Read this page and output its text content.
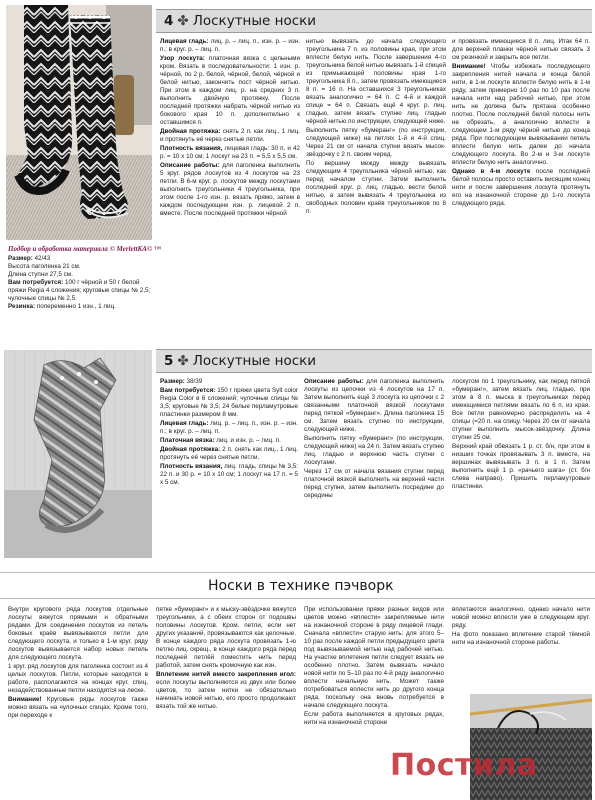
4 ✤ Лоскутные носки
Подбор и обработка материала © MerlettKA© ™
Размер: 42/43
Высота паголенка 21 см.
Длина ступни 27,5 см.
Вам потребуется: 100 г чёрной и 50 г белой пряжи Regia 4 сложения; круговые спицы № 2,5; чулочные спицы № 2,5.
Резинка: попеременно 1 изн., 1 лиц.
Лицевая гладь: лиц. р. – лиц. п., изн. р. – изн. п.; в круг. р. – лиц. п.
Узор лоскута: платочная вязка с цельными кром. Вязать в последовательности: 1 изн. р. чёрной, по 2 р. белой, чёрной, белой, чёрной и белой нитью, закончить пост чёрной нитью. При этом в каждом лиц. р. на средних 3 п. выполнить двойную протяжку. После последней протяжки набрать чёрной нитью из бокового края 10 п. дополнительно к оставшимся п.
Двойная протяжка: снять 2 п. как лиц., 1 лиц. и протянуть её через снятые петли.
Плотность вязания, лицевая гладь: 30 п. и 42 р. = 10 х 10 см; 1 лоскут на 23 п. = 5,5 х 5,5 см.
Описание работы: для паголенка выполнить 5 круг. рядов лоскутов из 4 лоскутов на 23 петли. В 6-м круг. р. лоскутов между лоскутами выполнить треугольники 4 треугольника, при этом после 1-го изн. р. вязать прямо, затем в каждом последующем изн. р. лицевой 2 п. вместе. После последней протяжки чёрной
нитью вывязать до начала следующего треугольника 7 п. из половины края, при этом вплести белую нить. После завершения 4-го треугольника белой нитью вывязать 1-й спицей из примыкающей половины края 1-го треугольника 8 п., затем провязать имеющиеся 8 п. = 16 п. На оставшихся 3 треугольниках вязать аналогично = 64 п. С 4-й и каждой спице = 64 п. Связать ещё 4 круг. р. лиц. гладью, затем вязать ступню лиц. гладью чёрной нитью по инструкции, следующей ниже.
Выполнить пятку «бумеранг» (по инструкции, следующей ниже) на петлях 1-й и 4-й спиц. Через 21 см от начала ступни вязать мысок-звёздочку с 2 п. своим черед.
По вершину между между вывязать следующим 4 треугольника чёрной нитью, как перед началом ступни. Затем выполнить последний круг. р. лиц. гладью, вести белой нитью, а затем вывязать 4 треугольника из свободных половин краёв треугольников по 8 п.
и провязать имеющиеся 8 п. лиц. Итак 64 п. для верхней планки чёрной нитью связать 3 см резинкой и закрыть все петли.
Внимание! Чтобы избежать последующего закрепления нитей начала и конца белой нити, в 1-м лоскуте вплести белую нить в 1-м ряду, затем примерно 10 раз по 10 раз после начала нити над рабочей нитью, при этом нить не должна быть прятана особенно плотно. После последней белой полосы нить не обрезать, а аналогично вплести в следующем 1-м ряду чёрной нитью до конца ряда. При последующем вывязывании петель вплести белую нить далее до начала следующего лоскута. Во 2-м и 3-м лоскуте вплести белую нить аналогично.
Однако в 4-м лоскуте после последней белой полосы просто оставить висящим конец нити и после завершения лоскута протянуть его на изнаночной стороне до 1-го лоскута следующего ряда.
5 ✤ Лоскутные носки
Размер: 38/39
Вам потребуется: 150 г пряжи цвета Sylt color Regia Color в 6 сложений; чулочные спицы № 3,5; круговые № 3,5; 24 белые перламутровые пластинки размером 8 мм.
Лицевая гладь: лиц. р. – лиц. п., изн. р. – изн. п.; в круг. р. – лиц. п.
Платочная вязка: лиц. и изн. р. – лиц. п.
Двойная протяжка: 2 п. снять как лиц., 1 лиц. протянуть её через снятые петли.
Плотность вязания, лиц. гладь, спицы № 3,5: 22 п. и 30 р. = 10 х 10 см; 1 лоскут на 17 п. = 5 х 5 см.
Описание работы: для паголенка выполнить лоскуты из цепочки из 4 лоскутов на 17 п. Затем выполнить ещё 3 лоскута из цепочки с 2 связанными платочной вязкой лоскутами перед пяткой «бумеранг». Длина паголенка 15 см. Затем вязать ступню по инструкции, следующей ниже.
Выполнить пятку «бумеранг» (по инструкции, следующей ниже) на 24 п. Затем вязать ступню лиц. гладью и верхнюю часть ступни с лоскутами.
Через 17 см от начала вязания ступни перед платочной вязкой выполнить на верхней части перед ступни, затем выполнить посредине до середины
лоскутом по 1 треугольнику, как перед пяткой «бумеранг», затем вязать лиц. гладью, при этом в 8 п. мыска в треугольниках перед имеющимися петлями вязать по 6 п. из края. Все петли равномерно распределить на 4 спицы (=20 п. на спицу. Через 20 см от начала ступни выполнить мысок-звёздочку. Длина ступни 25 см.
Верхний край обвязать 1 р. ст. б/н, при этом в низших точках провязывать 3 п. вместе, на вершинах вывязывать 3 п. в 1 п. Затем выполнить ещё 1 р. «рачьего шага» (ст. б/н слева направо). Пришить перламутровые пластинки.
Носки в технике пэчворк
Внутри кругового ряда лоскутов отдельные лоскуты вяжутся прямыми и обратными рядами. Для соединения лоскутов из петель боковых краёв вывязываются петли для следующего лоскута, и только в 1-м круг. ряду лоскутов вывязывается набор новых петель для следующего лоскута.
1 круг. ряд лоскутов для паголенка состоит из 4 целых лоскутов. Петли, которые находятся в работе, располагаются на концах круг. спиц, незадействованные петли находятся на леске.
Внимание! Круговые ряды лоскутов также можно вязать на чулочных спицах. Кроме того, при переходе к
пятке «бумеранг» и к мыску-звёздочке вяжутся треугольники, а с обеих сторон от подошвы половины лоскутов. Кром. петли, если нет других указаний, провязываются как целочные. В конце каждого ряда лоскута провязать 1-ю петлю лиц. скрещ., в конце каждого ряда перед последней петлёй поместить нить перед работой, затем снять кромочную как изн.
Вплетение нитей вместо закрепления игол: если лоскуты выполняются из двух или более цветов, то затем нитки не обязательно начинать новой нитью, его просто продолжают вязать той же нитью.
При использовании пряжи разных видов или цветов можно «вплести» закрепляемые нити на изнаночной стороне в ряду лицевой глади. Сначала «вплести» старую нить: для этого 5–10 раз после каждой петли предыдущего цвета под вывязываемой нитью над рабочей нитью. На участке вплетения петли следует вязать не особенно плотно. Затем вывязать начало новой нити по 5–10 раз по 4-й ряду аналогично вплести начальную нить. Может также потребоваться вплести нить до другого конца ряда, поскольку она вновь потребуется в начале следующего лоскута.
Если работа выполняется в круговых рядах, нити на изнаночной стороне
вплетаются аналогично, однако начало нити новой можно вплести уже в следующем круг. ряду.
На фото показано вплетение старой тёмной нити на изнаночной стороне работы.
Постила
